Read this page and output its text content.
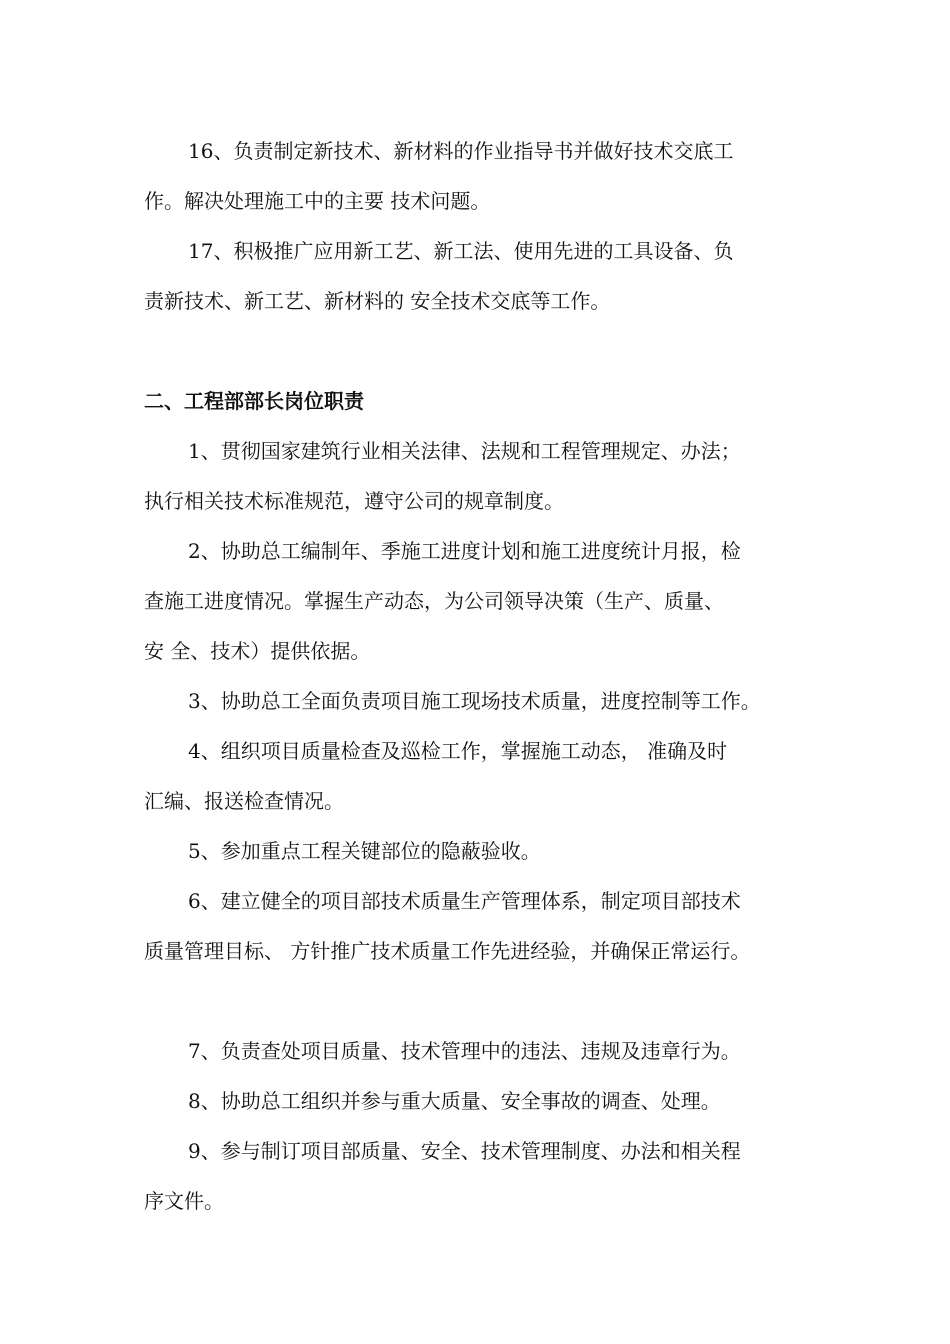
16、负责制定新技术、新材料的作业指导书并做好技术交底工
作。解决处理施工中的主要 技术问题。
17、积极推广应用新工艺、新工法、使用先进的工具设备、负
责新技术、新工艺、新材料的 安全技术交底等工作。
二、工程部部长岗位职责
1、贯彻国家建筑行业相关法律、法规和工程管理规定、办法；
执行相关技术标准规范，遵守公司的规章制度。
2、协助总工编制年、季施工进度计划和施工进度统计月报，检
查施工进度情况。掌握生产动态，为公司领导决策（生产、质量、
安 全、技术）提供依据。
3、协助总工全面负责项目施工现场技术质量，进度控制等工作。
4、组织项目质量检查及巡检工作，掌握施工动态， 准确及时
汇编、报送检查情况。
5、参加重点工程关键部位的隐蔽验收。
6、建立健全的项目部技术质量生产管理体系，制定项目部技术
质量管理目标、 方针推广技术质量工作先进经验，并确保正常运行。
7、负责查处项目质量、技术管理中的违法、违规及违章行为。
8、协助总工组织并参与重大质量、安全事故的调查、处理。
9、参与制订项目部质量、安全、技术管理制度、办法和相关程
序文件。
